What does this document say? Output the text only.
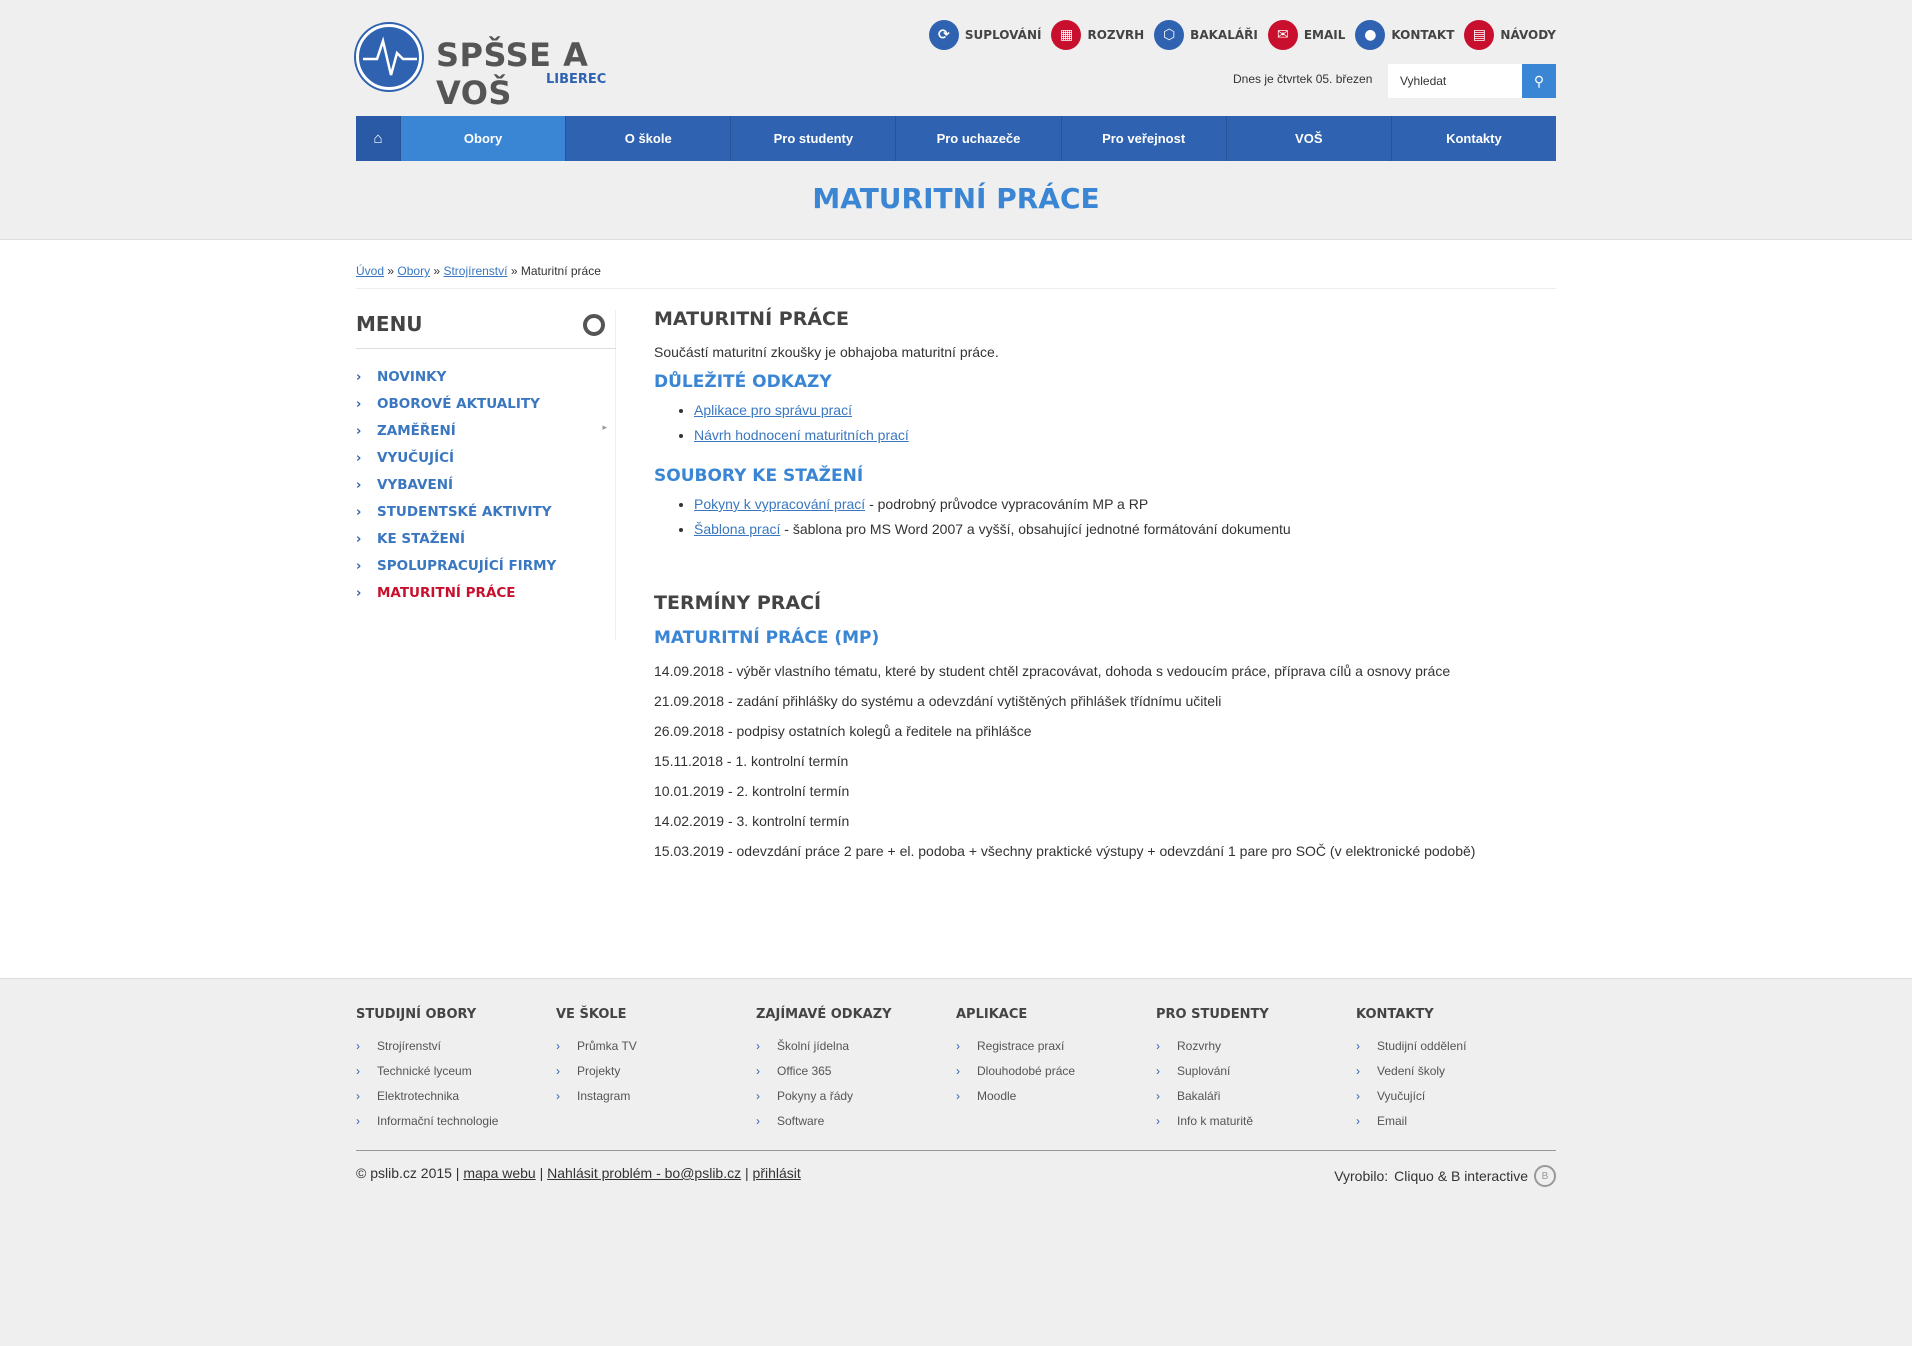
SPŠSE A VOŠ	LIBEREC
⟳	SUPLOVÁNÍ	▦	ROZVRH	⬡	BAKALÁŘI	✉	EMAIL	●	KONTAKT	▤	NÁVODY
Dnes je čtvrtek 05. březen
Vyhledat	⚲
⌂	Obory	O škole	Pro studenty	Pro uchazeče	Pro veřejnost	VOŠ	Kontakty
MATURITNÍ PRÁCE
Úvod » Obory » Strojírenství » Maturitní práce
MENU
› NOVINKY
› OBOROVÉ AKTUALITY
› ZAMĚŘENÍ	▸
› VYUČUJÍCÍ
› VYBAVENÍ
› STUDENTSKÉ AKTIVITY
› KE STAŽENÍ
› SPOLUPRACUJÍCÍ FIRMY
› MATURITNÍ PRÁCE
MATURITNÍ PRÁCE

Součástí maturitní zkoušky je obhajoba maturitní práce.

DŮLEŽITÉ ODKAZY
• Aplikace pro správu prací
• Návrh hodnocení maturitních prací
SOUBORY KE STAŽENÍ
• Pokyny k vypracování prací - podrobný průvodce vypracováním MP a RP
• Šablona prací - šablona pro MS Word 2007 a vyšší, obsahující jednotné formátování dokumentu
TERMÍNY PRACÍ
MATURITNÍ PRÁCE (MP)

14.09.2018 - výběr vlastního tématu, které by student chtěl zpracovávat, dohoda s vedoucím práce, příprava cílů a osnovy práce

21.09.2018 - zadání přihlášky do systému a odevzdání vytištěných přihlášek třídnímu učiteli

26.09.2018 - podpisy ostatních kolegů a ředitele na přihlášce

15.11.2018 - 1. kontrolní termín

10.01.2019 - 2. kontrolní termín

14.02.2019 - 3. kontrolní termín

15.03.2019 - odevzdání práce 2 pare + el. podoba + všechny praktické výstupy + odevzdání 1 pare pro SOČ (v elektronické podobě)

STUDIJNÍ OBORY
› Strojírenství
› Technické lyceum
› Elektrotechnika
› Informační technologie
VE ŠKOLE
› Průmka TV
› Projekty
› Instagram
ZAJÍMAVÉ ODKAZY
› Školní jídelna
› Office 365
› Pokyny a řády
› Software
APLIKACE
› Registrace praxí
› Dlouhodobé práce
› Moodle
PRO STUDENTY
› Rozvrhy
› Suplování
› Bakaláři
› Info k maturitě
KONTAKTY
› Studijní oddělení
› Vedení školy
› Vyučující
› Email
© pslib.cz 2015 | mapa webu | Nahlásit problém - bo@pslib.cz | přihlásit	Vyrobilo: Cliquo & B interactive	B
